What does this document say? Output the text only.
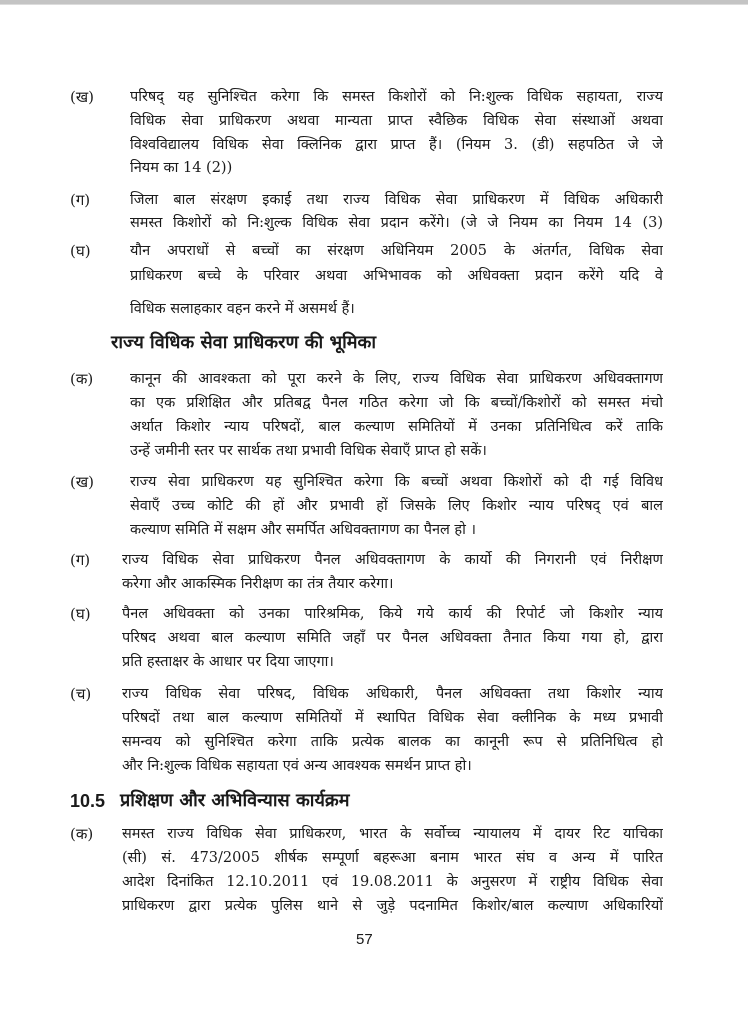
(ख) परिषद् यह सुनिश्चित करेगा कि समस्त किशोरों को नि:शुल्क विधिक सहायता, राज्य
विधिक सेवा प्राधिकरण अथवा मान्यता प्राप्त स्वैछिक विधिक सेवा संस्थाओं अथवा
विश्वविद्यालय विधिक सेवा क्लिनिक द्वारा प्राप्त हैं। (नियम 3. (डी) सहपठित जे जे
नियम का 14 (2))
(ग)	जिला बाल संरक्षण इकाई तथा राज्य विधिक सेवा प्राधिकरण में विधिक अधिकारी
समस्त किशोरों को नि:शुल्क विधिक सेवा प्रदान करेंगे। (जे जे नियम का नियम 14 (3)
(घ)	यौन अपराधों से बच्चों का संरक्षण अधिनियम 2005 के अंतर्गत, विधिक सेवा
प्राधिकरण बच्चे के परिवार अथवा अभिभावक को अधिवक्ता प्रदान करेंगे यदि वे
विधिक सलाहकार वहन करने में असमर्थ हैं।
राज्य विधिक सेवा प्राधिकरण की भूमिका
(क)	कानून की आवश्कता को पूरा करने के लिए, राज्य विधिक सेवा प्राधिकरण अधिवक्तागण
का एक प्रशिक्षित और प्रतिबद्व पैनल गठित करेगा जो कि बच्चों/किशोरों को समस्त मंचो
अर्थात किशोर न्याय परिषदों, बाल कल्याण समितियों में उनका प्रतिनिधित्व करें ताकि
उन्हें जमीनी स्तर पर सार्थक तथा प्रभावी विधिक सेवाएँ प्राप्त हो सकें।
(ख) राज्य सेवा प्राधिकरण यह सुनिश्चित करेगा कि बच्चों अथवा किशोरों को दी गई विविध
सेवाएँ उच्च कोटि की हों और प्रभावी हों जिसके लिए किशोर न्याय परिषद् एवं बाल
कल्याण समिति में सक्षम और समर्पित अधिवक्तागण का पैनल हो ।
(ग) राज्य विधिक सेवा प्राधिकरण पैनल अधिवक्तागण के कार्यो की निगरानी एवं निरीक्षण
करेगा और आकस्मिक निरीक्षण का तंत्र तैयार करेगा।
(घ) पैनल अधिवक्ता को उनका पारिश्रमिक, किये गये कार्य की रिपोर्ट जो किशोर न्याय
परिषद अथवा बाल कल्याण समिति जहाँ पर पैनल अधिवक्ता तैनात किया गया हो, द्वारा
प्रति हस्ताक्षर के आधार पर दिया जाएगा।
(च) राज्य विधिक सेवा परिषद, विधिक अधिकारी, पैनल अधिवक्ता तथा किशोर न्याय
परिषदों तथा बाल कल्याण समितियों में स्थापित विधिक सेवा क्लीनिक के मध्य प्रभावी
समन्वय को सुनिश्चित करेगा ताकि प्रत्येक बालक का कानूनी रूप से प्रतिनिधित्व हो
और नि:शुल्क विधिक सहायता एवं अन्य आवश्यक समर्थन प्राप्त हो।
10.5 प्रशिक्षण और अभिविन्यास कार्यक्रम
(क) समस्त राज्य विधिक सेवा प्राधिकरण, भारत के सर्वोच्च न्यायालय में दायर रिट याचिका
(सी) सं. 473/2005 शीर्षक सम्पूर्णा बहरूआ बनाम भारत संघ व अन्य में पारित
आदेश दिनांकित 12.10.2011 एवं 19.08.2011 के अनुसरण में राष्ट्रीय विधिक सेवा
प्राधिकरण द्वारा प्रत्येक पुलिस थाने से जुड़े पदनामित किशोर/बाल कल्याण अधिकारियों
57
